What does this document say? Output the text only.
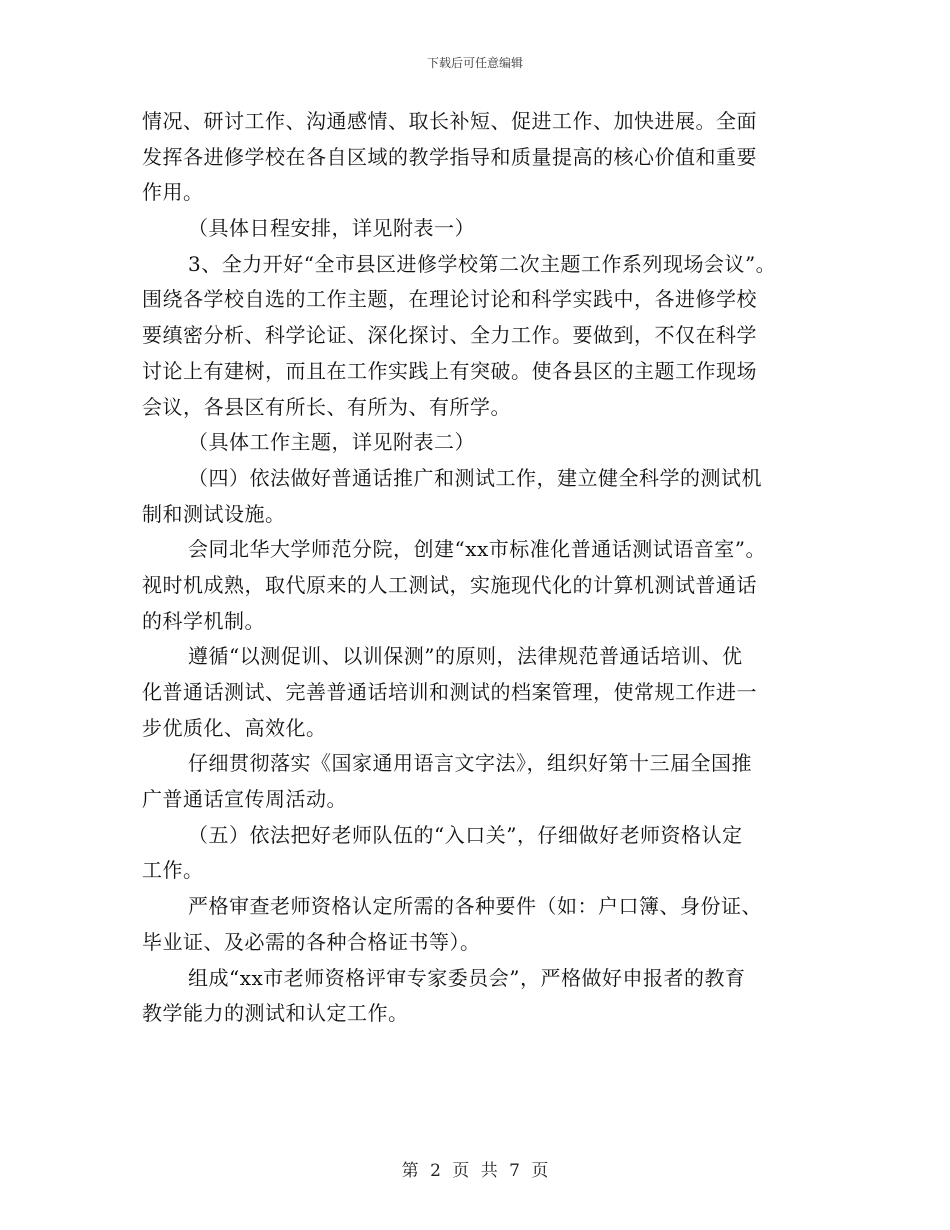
下载后可任意编辑
情况、研讨工作、沟通感情、取长补短、促进工作、加快进展。全面
发挥各进修学校在各自区域的教学指导和质量提高的核心价值和重要
作用。
（具体日程安排，详见附表一）
3、全力开好“全市县区进修学校第二次主题工作系列现场会议”。
围绕各学校自选的工作主题，在理论讨论和科学实践中，各进修学校
要缜密分析、科学论证、深化探讨、全力工作。要做到，不仅在科学
讨论上有建树，而且在工作实践上有突破。使各县区的主题工作现场
会议，各县区有所长、有所为、有所学。
（具体工作主题，详见附表二）
（四）依法做好普通话推广和测试工作，建立健全科学的测试机
制和测试设施。
会同北华大学师范分院，创建“xx市标准化普通话测试语音室”。
视时机成熟，取代原来的人工测试，实施现代化的计算机测试普通话
的科学机制。
遵循“以测促训、以训保测”的原则，法律规范普通话培训、优
化普通话测试、完善普通话培训和测试的档案管理，使常规工作进一
步优质化、高效化。
仔细贯彻落实《国家通用语言文字法》，组织好第十三届全国推
广普通话宣传周活动。
（五）依法把好老师队伍的“入口关”，仔细做好老师资格认定
工作。
严格审查老师资格认定所需的各种要件（如：户口簿、身份证、
毕业证、及必需的各种合格证书等）。
组成“xx市老师资格评审专家委员会”，严格做好申报者的教育
教学能力的测试和认定工作。
第 2 页 共 7 页
